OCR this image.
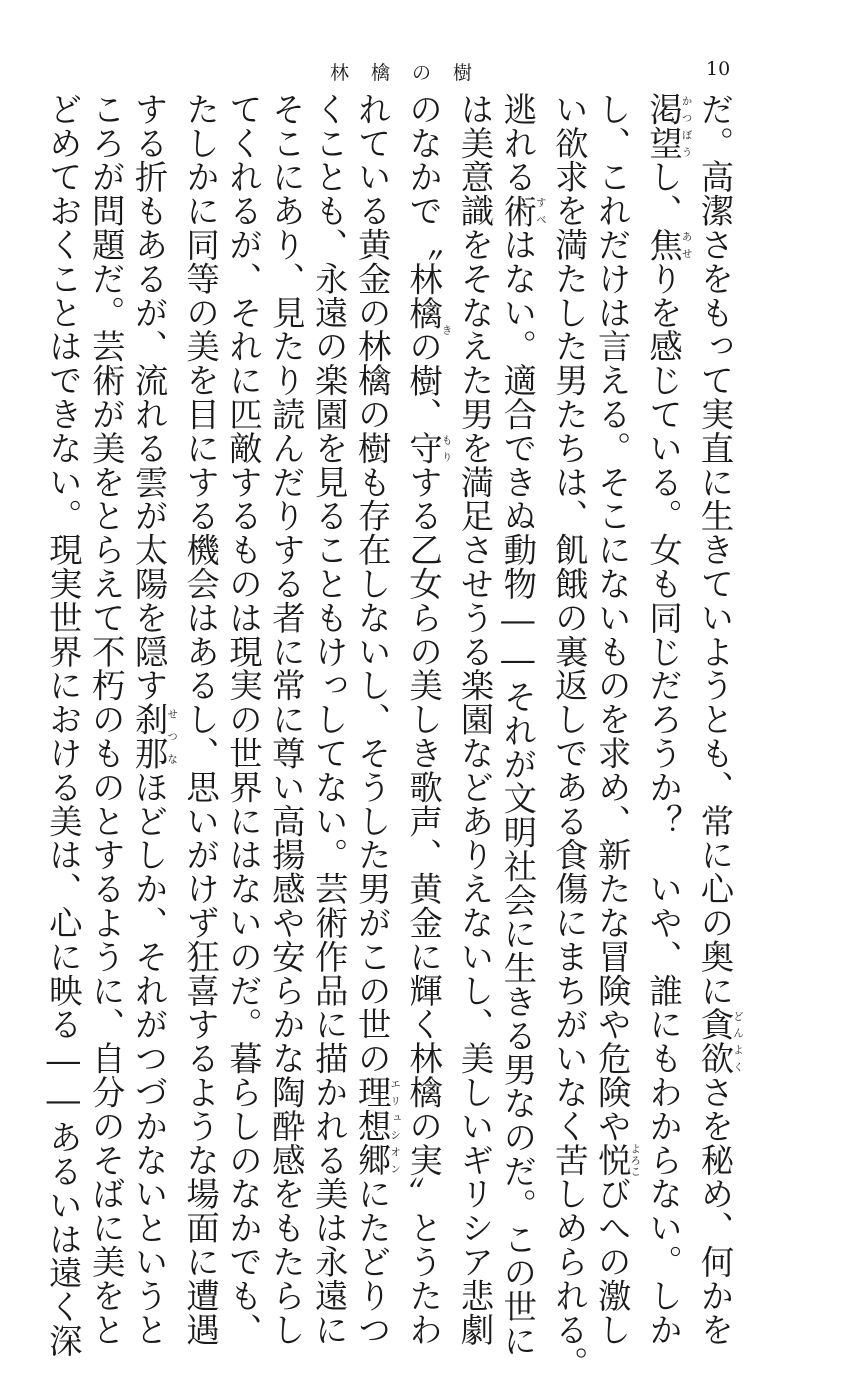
林檎の樹	10
だ。高潔さをもって実直に生きていようとも、常に心の奥に貪欲どんよくさを秘め、何かを
渇望かつぼうし、焦あせりを感じている。女も同じだろうか？　いや、誰にもわからない。しか
し、これだけは言える。そこにないものを求め、新たな冒険や危険や悦よろこびへの激し
い欲求を満たした男たちは、飢餓の裏返しである食傷にまちがいなく苦しめられる。
逃れる術すべはない。適合できぬ動物――それが文明社会に生きる男なのだ。この世に
は美意識をそなえた男を満足させうる楽園などありえないし、美しいギリシア悲劇
のなかで〝林檎の樹き、守もりする乙女らの美しき歌声、黄金に輝く林檎の実〟とうたわ
れている黄金の林檎の樹も存在しないし、そうした男がこの世の理想郷エリュシオンにたどりつ
くことも、永遠の楽園を見ることもけっしてない。芸術作品に描かれる美は永遠に
そこにあり、見たり読んだりする者に常に尊い高揚感や安らかな陶酔感をもたらし
てくれるが、それに匹敵するものは現実の世界にはないのだ。暮らしのなかでも、
たしかに同等の美を目にする機会はあるし、思いがけず狂喜するような場面に遭遇
する折もあるが、流れる雲が太陽を隠す刹那せつなほどしか、それがつづかないというと
ころが問題だ。芸術が美をとらえて不朽のものとするように、自分のそばに美をと
どめておくことはできない。現実世界における美は、心に映る――あるいは遠く深
